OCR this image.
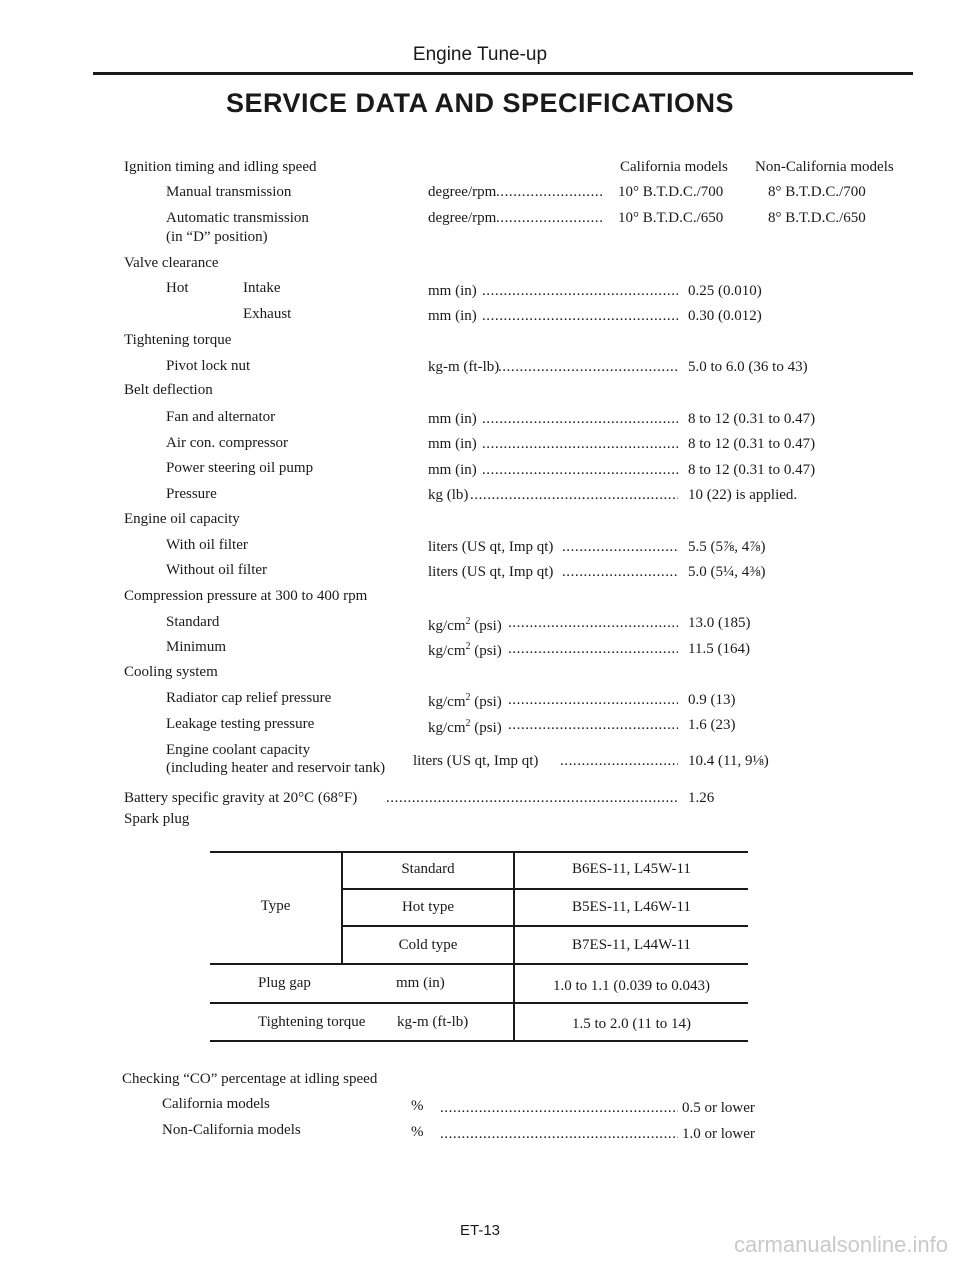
Engine Tune-up
SERVICE DATA AND SPECIFICATIONS
Ignition timing and idling speed	California models Non-California models
Manual transmission	degree/rpm . . .	10° B.T.D.C./700	8° B.T.D.C./700
Automatic transmission
(in “D” position)
degree/rpm . . .	10° B.T.D.C./650	8° B.T.D.C./650
Valve clearance
Hot	Intake	mm (in) . . .	0.25 (0.010)
Exhaust	mm (in) . . .	0.30 (0.012)
Tightening torque
Pivot lock nut	kg-m (ft-lb) . . .	5.0 to 6.0 (36 to 43)
Belt deflection
Fan and alternator	mm (in) . . .	8 to 12 (0.31 to 0.47)
Air con. compressor	mm (in) . . .	8 to 12 (0.31 to 0.47)
Power steering oil pump	mm (in) . . .	8 to 12 (0.31 to 0.47)
Pressure	kg (lb) . . .	10 (22) is applied.
Engine oil capacity
With oil filter	liters (US qt, Imp qt) . . .	5.5 (5⅞, 4⅞)
Without oil filter	liters (US qt, Imp qt) . . .	5.0 (5¼, 4⅜)
Compression pressure at 300 to 400 rpm
Standard	$kg/cm^2$ (psi) . . .	13.0 (185)
Minimum	$kg/cm^2$ (psi) . . .	11.5 (164)
Cooling system
Radiator cap relief pressure	$kg/cm^2$ (psi) . . .	0.9 (13)
Leakage testing pressure	$kg/cm^2$ (psi) . . .	1.6 (23)
Engine coolant capacity
(including heater and reservoir tank) liters (US qt, Imp qt) . . .	10.4 (11, 9⅛)
Battery specific gravity at 20°C (68°F) . . .	1.26
Spark plug
Type
Standard	B6ES-11, L45W-11
Hot type	B5ES-11, L46W-11
Cold type	B7ES-11, L44W-11
Plug gap	mm (in)	1.0 to 1.1 (0.039 to 0.043)
Tightening torque kg-m (ft-lb)	1.5 to 2.0 (11 to 14)
Checking “CO” percentage at idling speed
California models	% . . .	0.5 or lower
Non-California models	% . . .	1.0 or lower
ET-13
carmanualsonline.info
